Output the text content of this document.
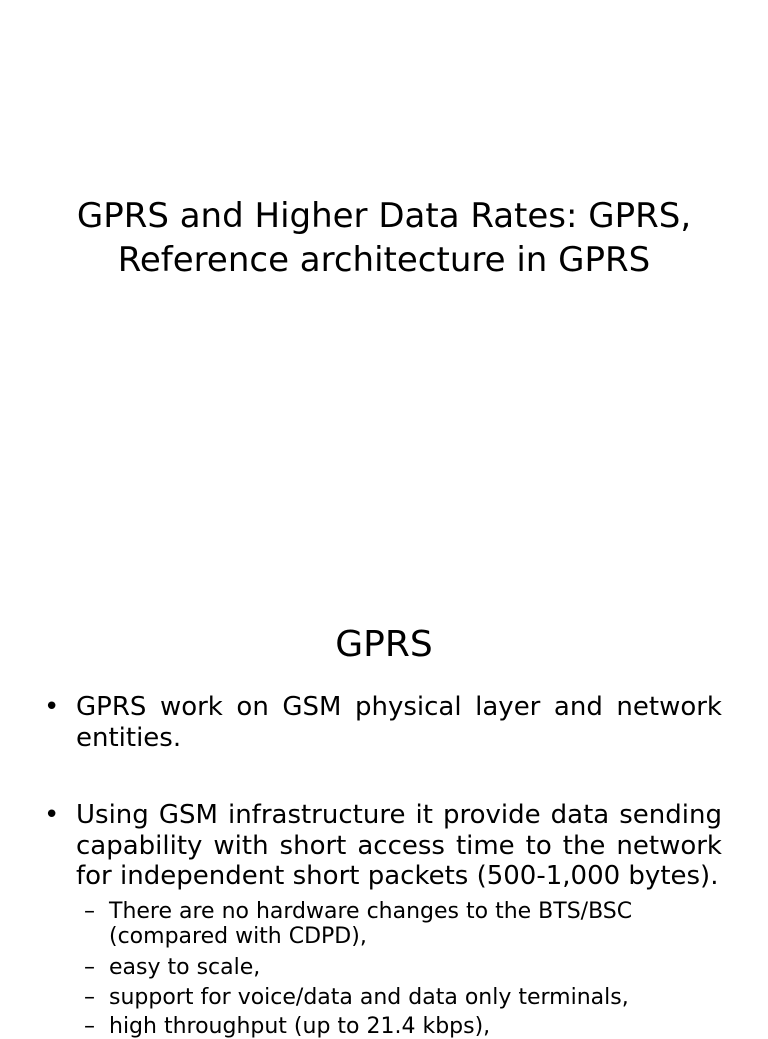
GPRS and Higher Data Rates: GPRS,
Reference architecture in GPRS
GPRS
• GPRS work on GSM physical layer and network entities.
• Using GSM infrastructure it provide data sending capability with short access time to the network for independent short packets (500-1,000 bytes).
– There are no hardware changes to the BTS/BSC (compared with CDPD),
– easy to scale,
– support for voice/data and data only terminals,
– high throughput (up to 21.4 kbps),
